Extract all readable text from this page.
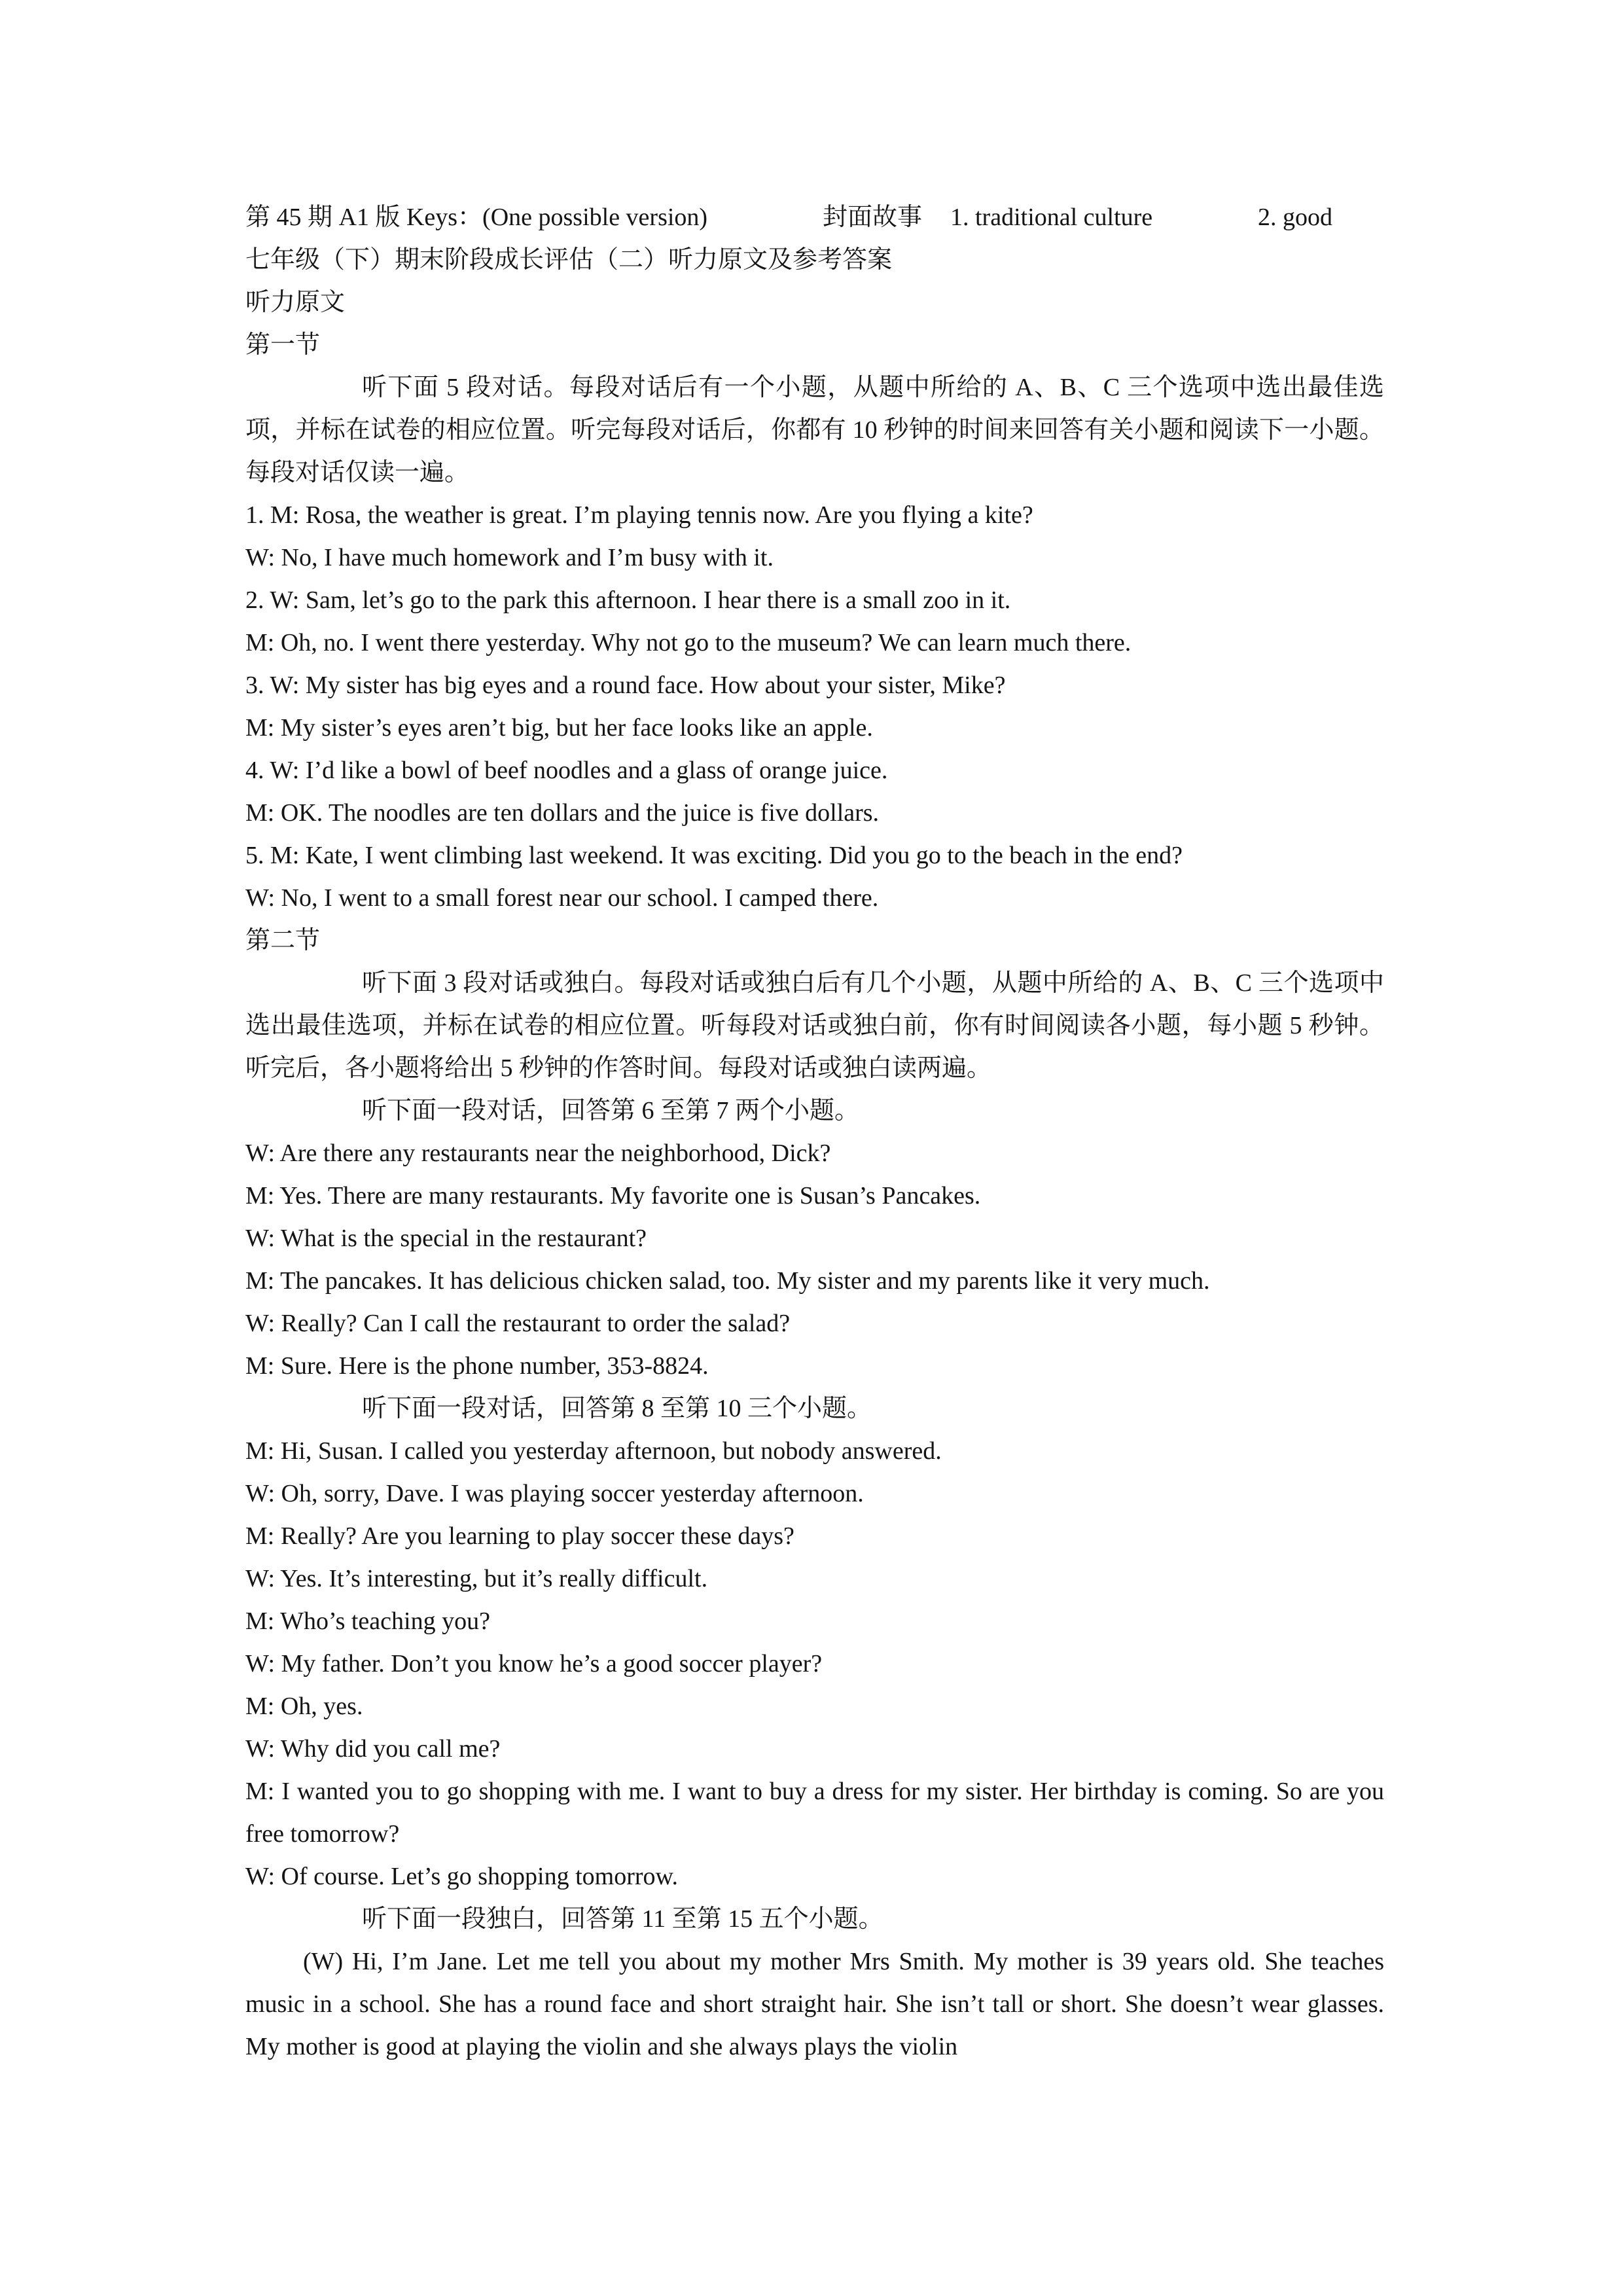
第 45 期 A1 版 Keys：(One possible version)	封面故事 1. traditional culture	2. good
七年级（下）期末阶段成长评估（二）听力原文及参考答案
听力原文
第一节
听下面 5 段对话。每段对话后有一个小题，从题中所给的 A、B、C 三个选项中选出最佳选项，并标在试卷的相应位置。听完每段对话后，你都有 10 秒钟的时间来回答有关小题和阅读下一小题。每段对话仅读一遍。
1. M: Rosa, the weather is great. I’m playing tennis now. Are you flying a kite?
W: No, I have much homework and I’m busy with it.
2. W: Sam, let’s go to the park this afternoon. I hear there is a small zoo in it.
M: Oh, no. I went there yesterday. Why not go to the museum? We can learn much there.
3. W: My sister has big eyes and a round face. How about your sister, Mike?
M: My sister’s eyes aren’t big, but her face looks like an apple.
4. W: I’d like a bowl of beef noodles and a glass of orange juice.
M: OK. The noodles are ten dollars and the juice is five dollars.
5. M: Kate, I went climbing last weekend. It was exciting. Did you go to the beach in the end?
W: No, I went to a small forest near our school. I camped there.
第二节
听下面 3 段对话或独白。每段对话或独白后有几个小题，从题中所给的 A、B、C 三个选项中选出最佳选项，并标在试卷的相应位置。听每段对话或独白前，你有时间阅读各小题，每小题 5 秒钟。听完后，各小题将给出 5 秒钟的作答时间。每段对话或独白读两遍。
听下面一段对话，回答第 6 至第 7 两个小题。
W: Are there any restaurants near the neighborhood, Dick?
M: Yes. There are many restaurants. My favorite one is Susan’s Pancakes.
W: What is the special in the restaurant?
M: The pancakes. It has delicious chicken salad, too. My sister and my parents like it very much.
W: Really? Can I call the restaurant to order the salad?
M: Sure. Here is the phone number, 353-8824.
听下面一段对话，回答第 8 至第 10 三个小题。
M: Hi, Susan. I called you yesterday afternoon, but nobody answered.
W: Oh, sorry, Dave. I was playing soccer yesterday afternoon.
M: Really? Are you learning to play soccer these days?
W: Yes. It’s interesting, but it’s really difficult.
M: Who’s teaching you?
W: My father. Don’t you know he’s a good soccer player?
M: Oh, yes.
W: Why did you call me?
M: I wanted you to go shopping with me. I want to buy a dress for my sister. Her birthday is coming. So are you free tomorrow?
W: Of course. Let’s go shopping tomorrow.
听下面一段独白，回答第 11 至第 15 五个小题。
(W) Hi, I’m Jane. Let me tell you about my mother Mrs Smith. My mother is 39 years old. She teaches music in a school. She has a round face and short straight hair. She isn’t tall or short. She doesn’t wear glasses. My mother is good at playing the violin and she always plays the violin
